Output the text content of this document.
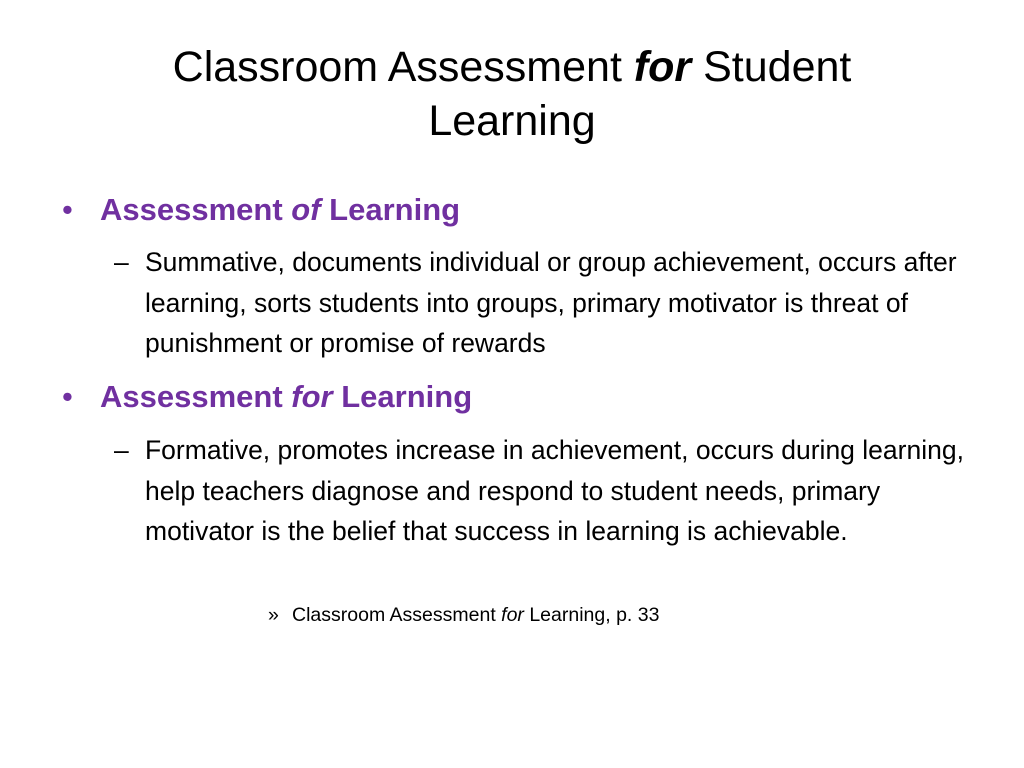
Classroom Assessment for Student
Learning
• Assessment of Learning
– Summative, documents individual or group achievement, occurs after learning, sorts students into groups, primary motivator is threat of punishment or promise of rewards
• Assessment for Learning
– Formative, promotes increase in achievement, occurs during learning, help teachers diagnose and respond to student needs, primary motivator is the belief that success in learning is achievable.
» Classroom Assessment for Learning, p. 33
